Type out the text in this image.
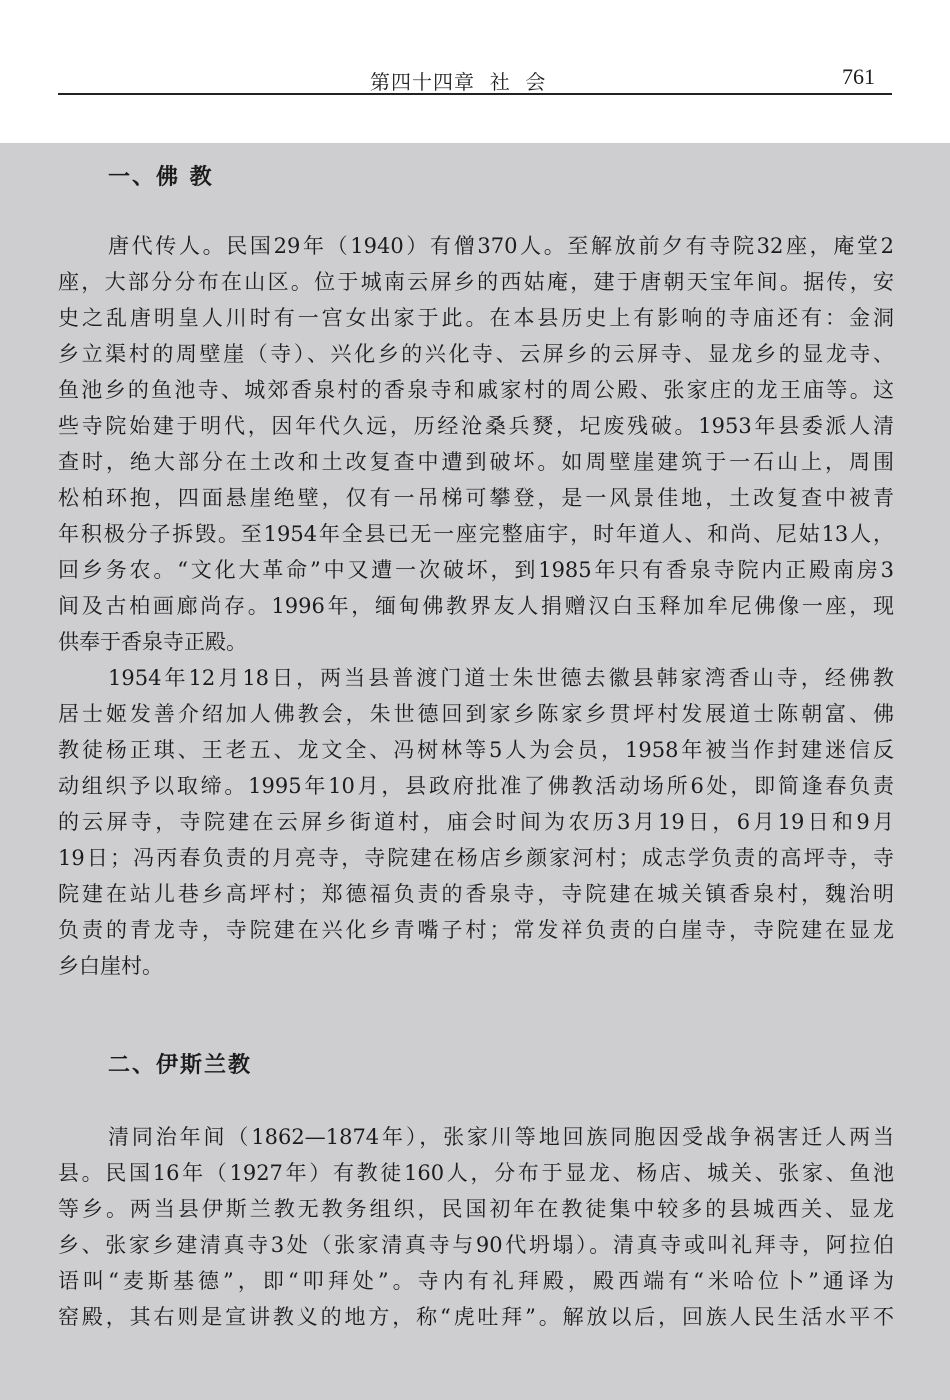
第四十四章  社  会	761
一、佛 教
唐代传人。民国29年（1940）有僧370人。至解放前夕有寺院32座，庵堂2
座，大部分分布在山区。位于城南云屏乡的西姑庵，建于唐朝天宝年间。据传，安
史之乱唐明皇人川时有一宫女出家于此。在本县历史上有影响的寺庙还有：金洞
乡立渠村的周壁崖（寺）、兴化乡的兴化寺、云屏乡的云屏寺、显龙乡的显龙寺、
鱼池乡的鱼池寺、城郊香泉村的香泉寺和戚家村的周公殿、张家庄的龙王庙等。这
些寺院始建于明代，因年代久远，历经沧桑兵燹，圮废残破。1953年县委派人清
查时，绝大部分在土改和土改复查中遭到破坏。如周壁崖建筑于一石山上，周围
松柏环抱，四面悬崖绝壁，仅有一吊梯可攀登，是一风景佳地，土改复查中被青
年积极分子拆毁。至1954年全县已无一座完整庙宇，时年道人、和尚、尼姑13人，
回乡务农。“文化大革命”中又遭一次破坏，到1985年只有香泉寺院内正殿南房3
间及古柏画廊尚存。1996年，缅甸佛教界友人捐赠汉白玉释加牟尼佛像一座，现
供奉于香泉寺正殿。
1954年12月18日，两当县普渡门道士朱世德去徽县韩家湾香山寺，经佛教
居士姬发善介绍加人佛教会，朱世德回到家乡陈家乡贯坪村发展道士陈朝富、佛
教徒杨正琪、王老五、龙文全、冯树林等5人为会员，1958年被当作封建迷信反
动组织予以取缔。1995年10月，县政府批准了佛教活动场所6处，即简逢春负责
的云屏寺，寺院建在云屏乡街道村，庙会时间为农历3月19日，6月19日和9月
19日；冯丙春负责的月亮寺，寺院建在杨店乡颜家河村；成志学负责的高坪寺，寺
院建在站儿巷乡高坪村；郑德福负责的香泉寺，寺院建在城关镇香泉村，魏治明
负责的青龙寺，寺院建在兴化乡青嘴子村；常发祥负责的白崖寺，寺院建在显龙
乡白崖村。
二、伊斯兰教
清同治年间（1862—1874年），张家川等地回族同胞因受战争祸害迁人两当
县。民国16年（1927年）有教徒160人，分布于显龙、杨店、城关、张家、鱼池
等乡。两当县伊斯兰教无教务组织，民国初年在教徒集中较多的县城西关、显龙
乡、张家乡建清真寺3处（张家清真寺与90代坍塌）。清真寺或叫礼拜寺，阿拉伯
语叫“麦斯基德”，即“叩拜处”。寺内有礼拜殿，殿西端有“米哈位卜”通译为
窑殿，其右则是宣讲教义的地方，称“虎吐拜”。解放以后，回族人民生活水平不
